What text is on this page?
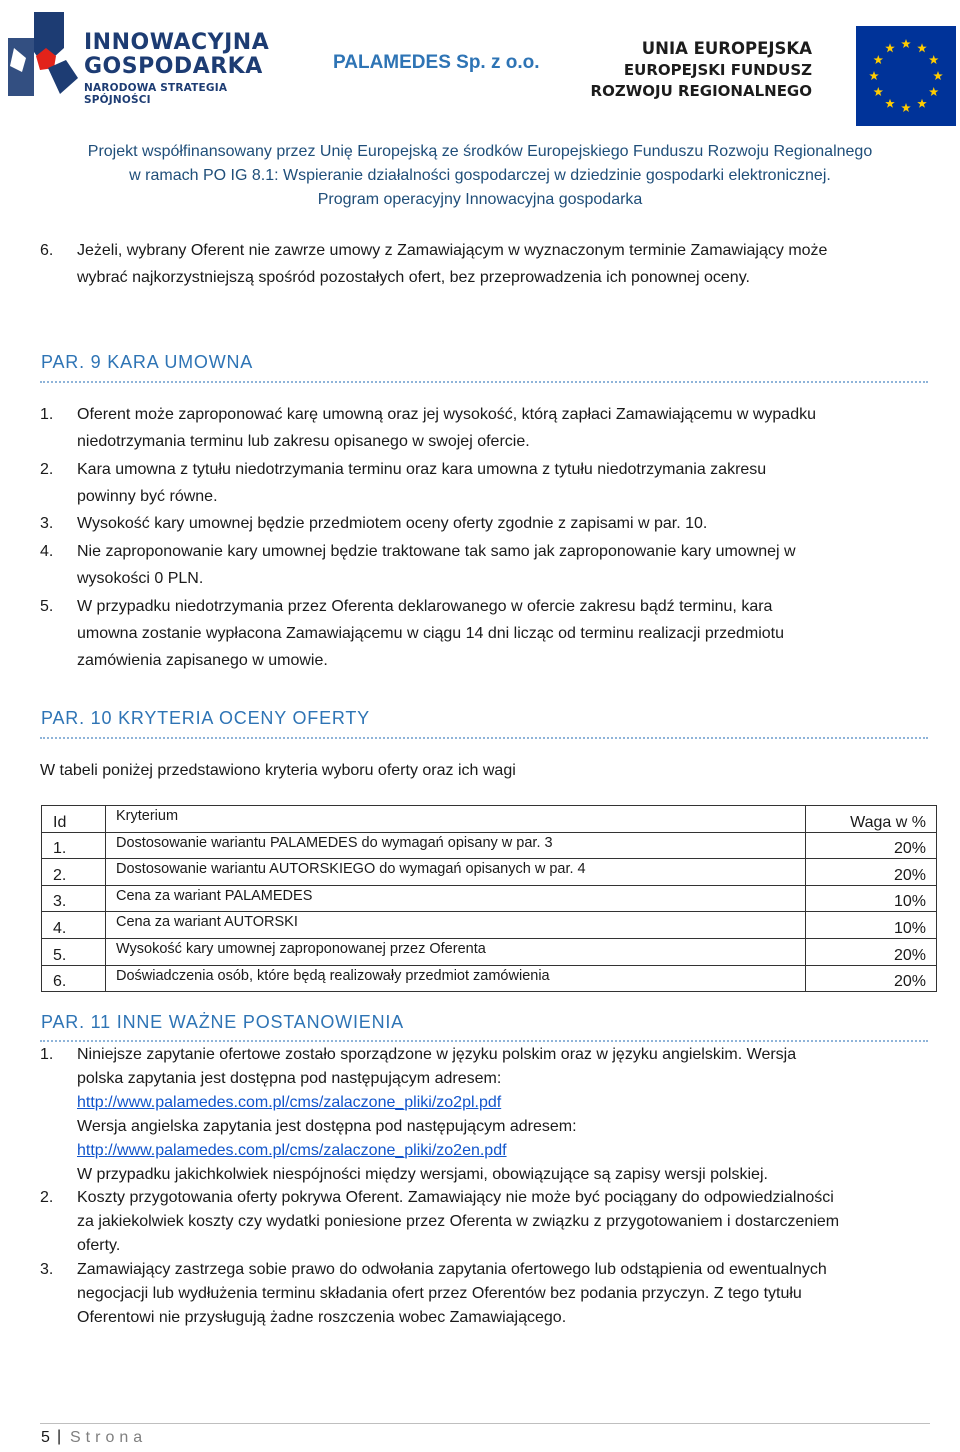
INNOWACYJNA
GOSPODARKA
NARODOWA STRATEGIA SPÓJNOŚCI
PALAMEDES Sp. z o.o.
UNIA EUROPEJSKA
EUROPEJSKI FUNDUSZ
ROZWOJU REGIONALNEGO
Projekt współfinansowany przez Unię Europejską ze środków Europejskiego Funduszu Rozwoju Regionalnego
w ramach PO IG 8.1: Wspieranie działalności gospodarczej w dziedzinie gospodarki elektronicznej.
Program operacyjny Innowacyjna gospodarka
6. Jeżeli, wybrany Oferent nie zawrze umowy z Zamawiającym w wyznaczonym terminie Zamawiający może
wybrać najkorzystniejszą spośród pozostałych ofert, bez przeprowadzenia ich ponownej oceny.
PAR. 9 KARA UMOWNA
1. Oferent może zaproponować karę umowną oraz jej wysokość, którą zapłaci Zamawiającemu w wypadku
niedotrzymania terminu lub zakresu opisanego w swojej ofercie.
2. Kara umowna z tytułu niedotrzymania terminu oraz kara umowna z tytułu niedotrzymania zakresu
powinny być równe.
3. Wysokość kary umownej będzie przedmiotem oceny oferty zgodnie z zapisami w par. 10.
4. Nie zaproponowanie kary umownej będzie traktowane tak samo jak zaproponowanie kary umownej w
wysokości 0 PLN.
5. W przypadku niedotrzymania przez Oferenta deklarowanego w ofercie zakresu bądź terminu, kara
umowna zostanie wypłacona Zamawiającemu w ciągu 14 dni licząc od terminu realizacji przedmiotu
zamówienia zapisanego w umowie.
PAR. 10 KRYTERIA OCENY OFERTY
W tabeli poniżej przedstawiono kryteria wyboru oferty oraz ich wagi
Id	Kryterium	Waga w %
1.	Dostosowanie wariantu PALAMEDES do wymagań opisany w par. 3	20%
2.	Dostosowanie wariantu AUTORSKIEGO do wymagań opisanych w par. 4	20%
3.	Cena za wariant PALAMEDES	10%
4.	Cena za wariant AUTORSKI	10%
5.	Wysokość kary umownej zaproponowanej przez Oferenta	20%
6.	Doświadczenia osób, które będą realizowały przedmiot zamówienia	20%
PAR. 11 INNE WAŻNE POSTANOWIENIA
1. Niniejsze zapytanie ofertowe zostało sporządzone w języku polskim oraz w języku angielskim. Wersja
polska zapytania jest dostępna pod następującym adresem:
http://www.palamedes.com.pl/cms/zalaczone_pliki/zo2pl.pdf
Wersja angielska zapytania jest dostępna pod następującym adresem:
http://www.palamedes.com.pl/cms/zalaczone_pliki/zo2en.pdf
W przypadku jakichkolwiek niespójności między wersjami, obowiązujące są zapisy wersji polskiej.
2. Koszty przygotowania oferty pokrywa Oferent. Zamawiający nie może być pociągany do odpowiedzialności
za jakiekolwiek koszty czy wydatki poniesione przez Oferenta w związku z przygotowaniem i dostarczeniem
oferty.
3. Zamawiający zastrzega sobie prawo do odwołania zapytania ofertowego lub odstąpienia od ewentualnych
negocjacji lub wydłużenia terminu składania ofert przez Oferentów bez podania przyczyn. Z tego tytułu
Oferentowi nie przysługują żadne roszczenia wobec Zamawiającego.
5 | Strona
